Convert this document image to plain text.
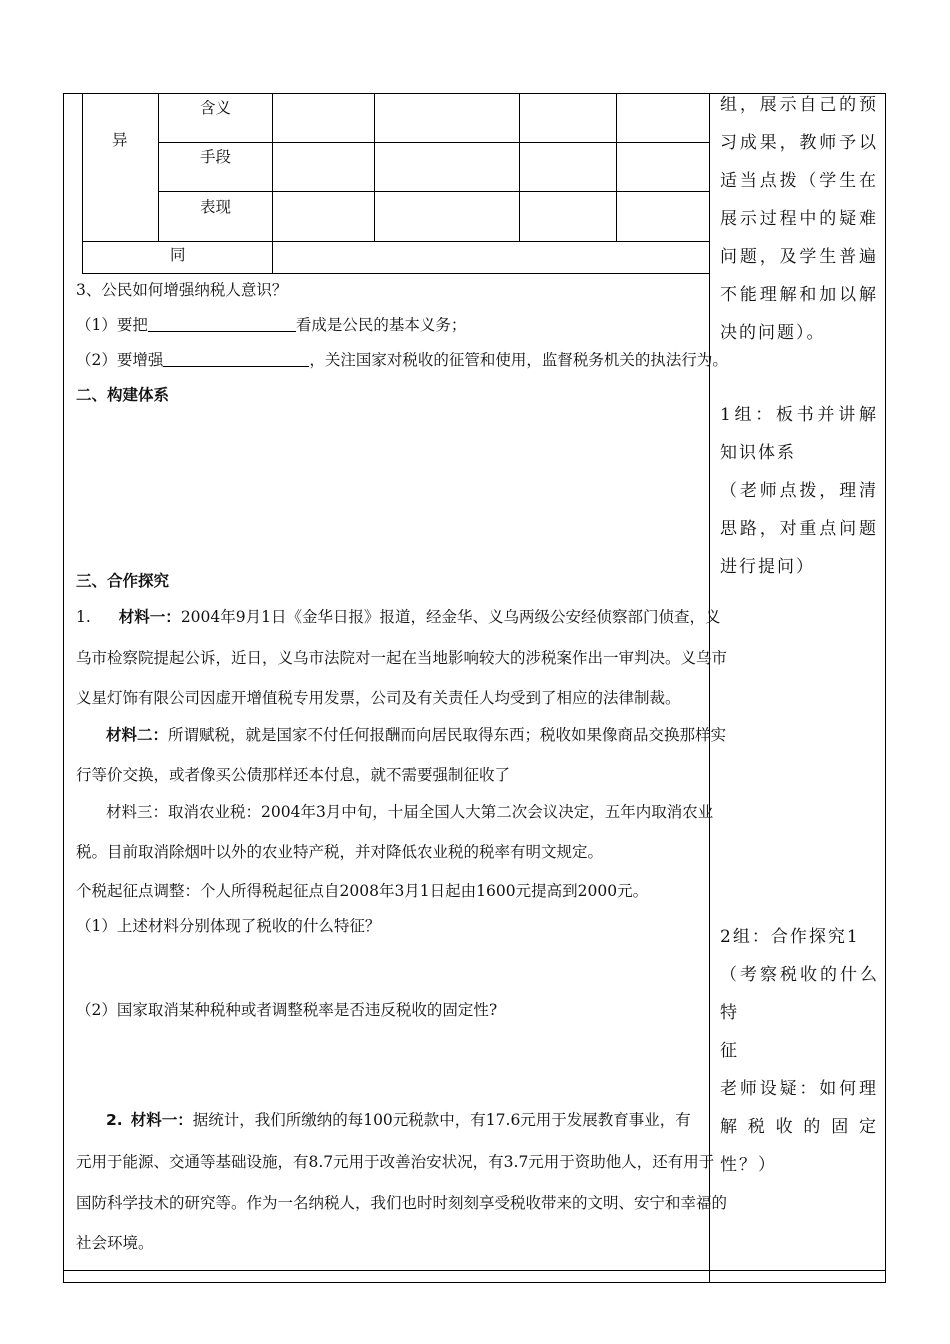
异
含义
手段
表现
同
3、公民如何增强纳税人意识？
（1）要把	看成是公民的基本义务；
（2）要增强	，关注国家对税收的征管和使用，监督税务机关的执法行为。
二、构建体系
三、合作探究
1. 材料一：2004年9月1日《金华日报》报道，经金华、义乌两级公安经侦察部门侦查，义
乌市检察院提起公诉，近日，义乌市法院对一起在当地影响较大的涉税案作出一审判决。义乌市
义星灯饰有限公司因虚开增值税专用发票，公司及有关责任人均受到了相应的法律制裁。
材料二：所谓赋税，就是国家不付任何报酬而向居民取得东西；税收如果像商品交换那样实
行等价交换，或者像买公债那样还本付息，就不需要强制征收了
材料三：取消农业税：2004年3月中旬，十届全国人大第二次会议决定，五年内取消农业
税。目前取消除烟叶以外的农业特产税，并对降低农业税的税率有明文规定。
个税起征点调整：个人所得税起征点自2008年3月1日起由1600元提高到2000元。
（1）上述材料分别体现了税收的什么特征？
（2）国家取消某种税种或者调整税率是否违反税收的固定性?
2. 材料一：据统计，我们所缴纳的每100元税款中，有17.6元用于发展教育事业，有
元用于能源、交通等基础设施，有8.7元用于改善治安状况，有3.7元用于资助他人，还有用于
国防科学技术的研究等。作为一名纳税人，我们也时时刻刻享受税收带来的文明、安宁和幸福的
社会环境。

组，展示自己的预

习成果，教师予以

适当点拨（学生在

展示过程中的疑难

问题，及学生普遍

不能理解和加以解

决的问题）。

1组：板书并讲解

知识体系

（老师点拨，理清

思路，对重点问题

进行提问）

2组：合作探究1

（考察税收的什么特

征

老师设疑：如何理

解税收的固定

性？）
